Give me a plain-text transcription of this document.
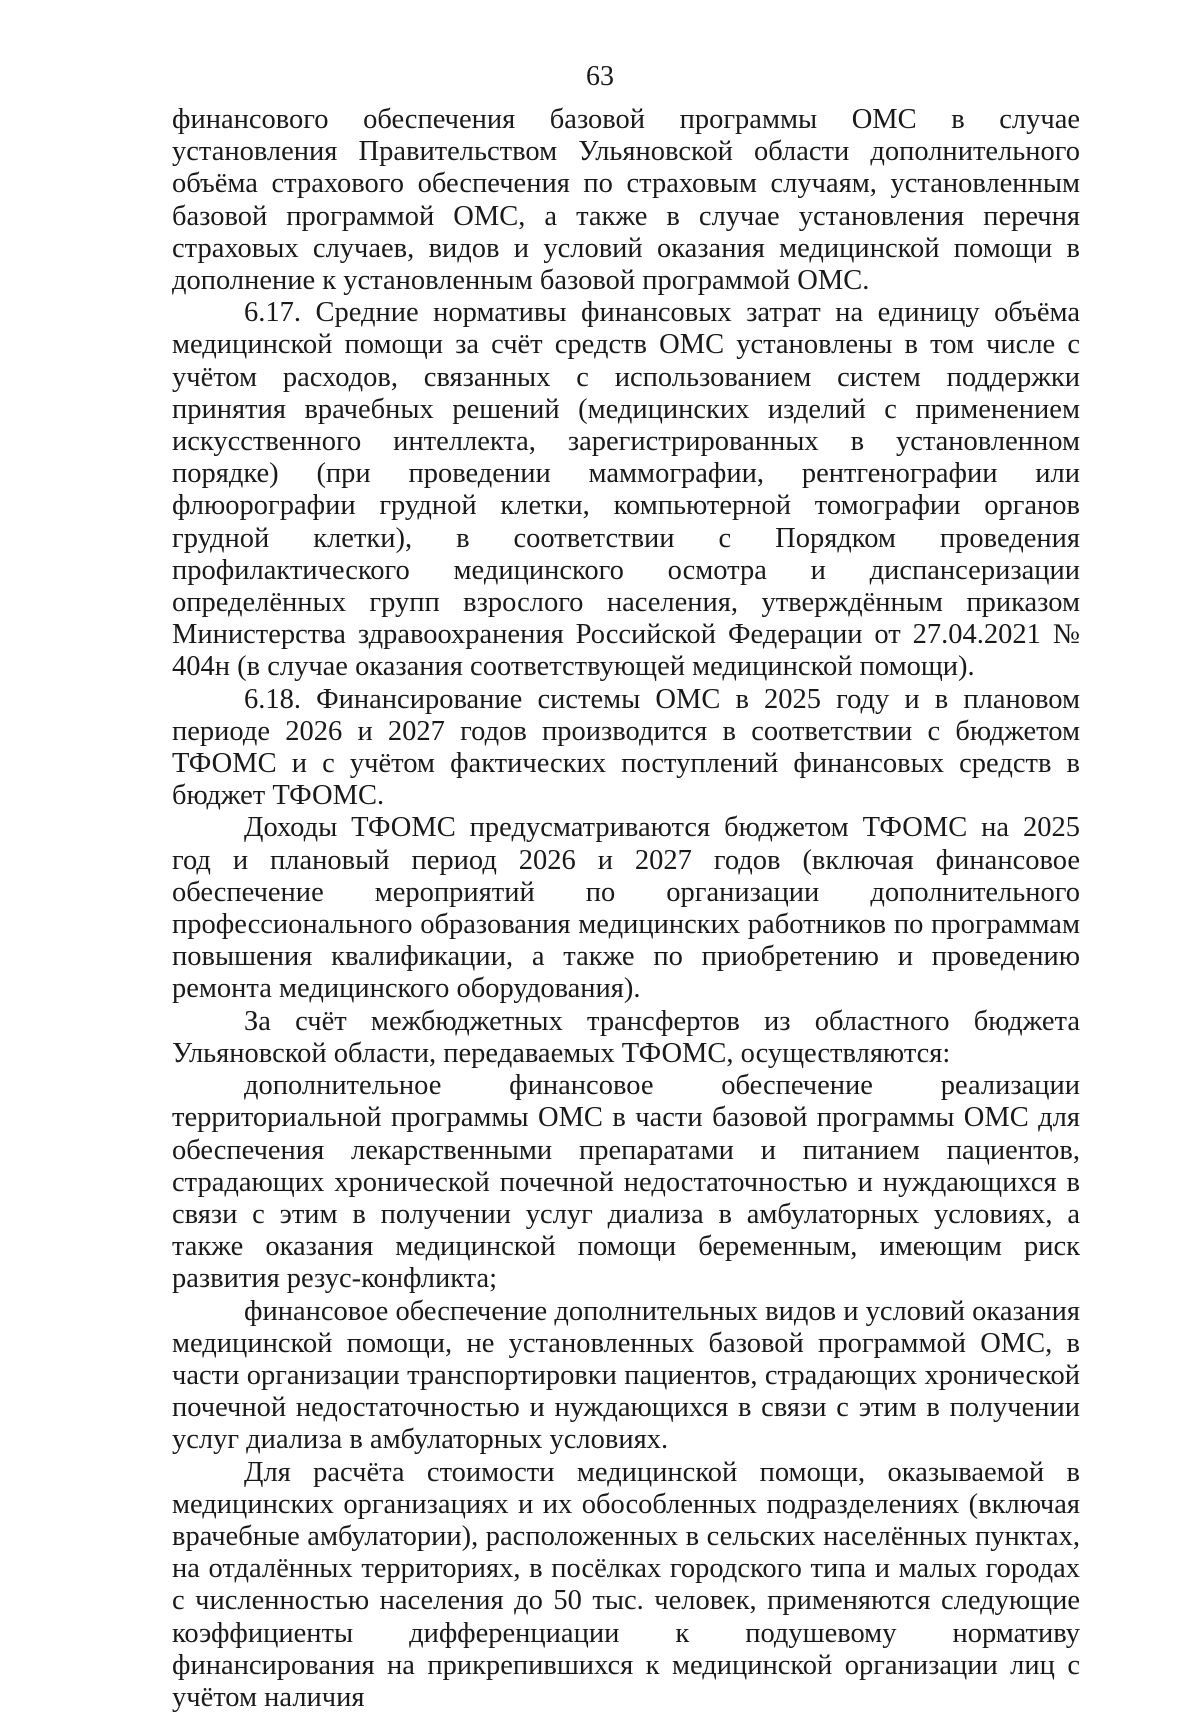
63

финансового обеспечения базовой программы ОМС в случае установления Правительством Ульяновской области дополнительного объёма страхового обеспечения по страховым случаям, установленным базовой программой ОМС, а также в случае установления перечня страховых случаев, видов и условий оказания медицинской помощи в дополнение к установленным базовой программой ОМС.

6.17. Средние нормативы финансовых затрат на единицу объёма медицинской помощи за счёт средств ОМС установлены в том числе с учётом расходов, связанных с использованием систем поддержки принятия врачебных решений (медицинских изделий с применением искусственного интеллекта, зарегистрированных в установленном порядке) (при проведении маммографии, рентгенографии или флюорографии грудной клетки, компьютерной томографии органов грудной клетки), в соответствии с Порядком проведения профилактического медицинского осмотра и диспансеризации определённых групп взрослого населения, утверждённым приказом Министерства здравоохранения Российской Федерации от 27.04.2021 № 404н (в случае оказания соответствующей медицинской помощи).

6.18. Финансирование системы ОМС в 2025 году и в плановом периоде 2026 и 2027 годов производится в соответствии с бюджетом ТФОМС и с учётом фактических поступлений финансовых средств в бюджет ТФОМС.

Доходы ТФОМС предусматриваются бюджетом ТФОМС на 2025 год и плановый период 2026 и 2027 годов (включая финансовое обеспечение мероприятий по организации дополнительного профессионального образования медицинских работников по программам повышения квалификации, а также по приобретению и проведению ремонта медицинского оборудования).

За счёт межбюджетных трансфертов из областного бюджета Ульяновской области, передаваемых ТФОМС, осуществляются:

дополнительное финансовое обеспечение реализации территориальной программы ОМС в части базовой программы ОМС для обеспечения лекарственными препаратами и питанием пациентов, страдающих хронической почечной недостаточностью и нуждающихся в связи с этим в получении услуг диализа в амбулаторных условиях, а также оказания медицинской помощи беременным, имеющим риск развития резус-конфликта;

финансовое обеспечение дополнительных видов и условий оказания медицинской помощи, не установленных базовой программой ОМС, в части организации транспортировки пациентов, страдающих хронической почечной недостаточностью и нуждающихся в связи с этим в получении услуг диализа в амбулаторных условиях.

Для расчёта стоимости медицинской помощи, оказываемой в медицинских организациях и их обособленных подразделениях (включая врачебные амбулатории), расположенных в сельских населённых пунктах, на отдалённых территориях, в посёлках городского типа и малых городах с численностью населения до 50 тыс. человек, применяются следующие коэффициенты дифференциации к подушевому нормативу финансирования на прикрепившихся к медицинской организации лиц с учётом наличия
